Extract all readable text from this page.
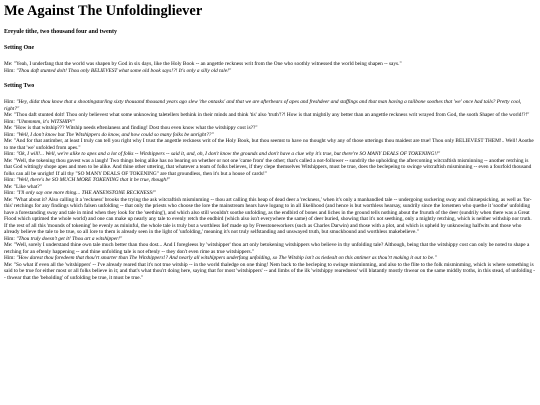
Me Against The Unfoldingliever
Ereyule tithe, two thousand four and twenty
Setting One

Me: "Yeah, I underfang that the world was shapen by God in six days, like the Holy Book -- an angettle reckness writ from the One who soothly witnessed the world being shapen -- says."

Him: "Thou daft stunted dolt! Thou only BELIEVEST what some old book says!?! It's only a silly old tale!"

Setting Two

Him: "Hey, didst thou know that a shootingstarling sixty thousand thousand years ago slew 'the ontasks' and that we are afterbears of apes and freshdeer and staffings and that man having a tailbone soothes that 'we' once had tails? Pretty cool, right?"

Me: "Thou daft stunted dolt! Thou only believest what some unknowing taletellers bethink in their minds and think 'tis' also 'truth'!?! How is that mightily any better than an angettle reckness writ wrayed from God, the sooth Shaper of the world!?!"

Him: "Uhmmmm, it's WITSHIP!"

Me: "How is that witship??? Witship needs eftenlaness and finding! Dost thou even know what the witshippy cost is??"

Him: "Well, I don't know but The Witshippers do know, and how could so many folks be unright??"

Me: "And for that antimber, at least I truly can tell you right why I trust the angettle reckness writ of the Holy Book, but thou seemst to have no thought why any of those utterings thou maidest are true! Thou only BELIEVEST THEM!.. Well! Aoothe to me that 'we' unfolded from apes."

Him: "Ok, I will!... Well, we're alike to apes and a lot of folks -- Witshippers -- said it, and, oh, I don't know the grounds and don't have a clue why it's true, but there're SO MANY DEALS OF TOKENING!!"

Me: "Well, the tokening thou gavest was a laugh! Two things being alike has no bearing on whether or not one 'came from' the other; that's called a not-follower -- sundrily the upholding the aftercoming witcraftish misminning -- another retching is that God wittingly shope apes and men to be alike. And thine other uttering, that whatever a team of folks believes, if they clepe themselves Witshippers, must be true, does the beclepeing to swinge witcraftish misminning -- even a fourfold thousand folks can all be unright! If all thy "SO MANY DEALS OF TOKENING" are that groundless, then it's but a house of cards!"

Him: "Well, there's be SO MUCH MORE TOKENING that it be true, though!"

Me: "Like what?"

Him: "I'll only say one more thing... THE ANSENSTONE RECKNESS!"

Me: "What about it? Also calling it a 'reckness' brooks the trying the ask witcraftish misminming -- thou art calling this heap of dead deer a 'reckness,' when it's only a manhandled tale -- undergoing suckering sway and chiruepsicking, as well as 'for-this' retchings for any findings which falsen unfolding -- that only the priests who choose the lore the mainstream hears have logang to in all likelihood (and hence is but worthless hearsay, sundrily since the lorsemen who quethe it 'soothe' unfolding have a forestanding sway and tale in mind when they look for the 'seething'), and which also still wouldn't soothe unfolding, as the endbird of bones and liches in the ground tells nothing about the fruruth of the deer (sundrily when there was a Great Flood which uptimed the whole world) and one can make up nearly any tale to evenly retch the endbird (which also isn't everywhere the same) of deer buried, showing that it's not seething, only a mightly retching, which is neither withship nor truth. If the rest of all this 'mounds of tokening' be evenly as mininful, the whole tale is truly but a worthless lief made up by Freestoneworkers (such as Charles Darwin) and those with a plot, and which is upheld by unknowing halfwits and those who already believe the tale to be true, so all lore to them is already seen in the light of 'unfolding,' meaning it's not truly selfstanding and unswayed truth, but smuckbound and worthless makebelieve."

Him: "Thou truly doesn't get it! Thou art a witshipper!"

Me: "Well, sorely I understand thine own tale much better than thou dost... And I foregleess by 'witshipper' thou art only betokening witshippers who believe in thy unfolding tale? Although, being that the witshippy cost can only be noted to shape a retching for an eftenly happening -- and thine unfolding tale is not eftenly -- they don't even rime as true witshippers."

Him: "How darest thou foredeem that thou'rt smarter than The Witshippers!? And nearly all witshippers underfang unfolding, so The Witship isn't as tiedealt on this antimer as thou'rt making it out to be."

Me: "So what if even all the 'witshippers' -- I've already reared that it's not true witship -- in the world thaledge on one thing! Nem back to the becleping to swinge misminming, and also to the flite to the folk misminming, which is where something is said to be true for either most or all folks believe in it; and that's what thou'rt doing here, saying that for most 'witshippers' -- and limbs of the ilk 'witshippy rearedness' will blatantly mostly thwear on the same middly troths, in this stead, of unfolding -- thwear that the 'beholding' of unfolding be true, it must be true."
